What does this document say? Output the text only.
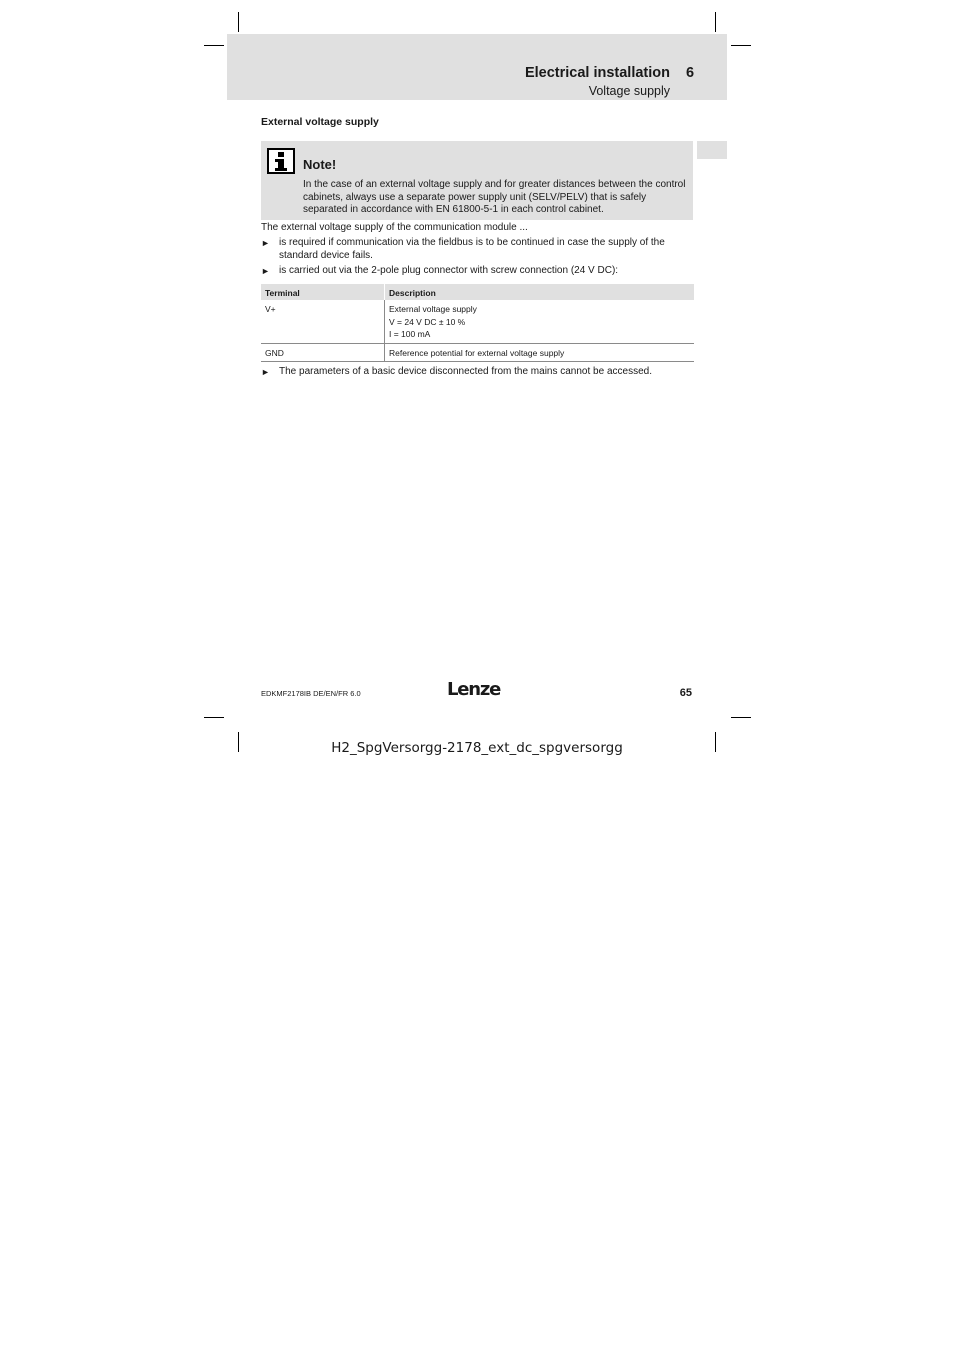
Electrical installation 6
Voltage supply
External voltage supply
Note!
In the case of an external voltage supply and for greater distances between the control cabinets, always use a separate power supply unit (SELV/PELV) that is safely separated in accordance with EN 61800-5-1 in each control cabinet.
The external voltage supply of the communication module ...
► is required if communication via the fieldbus is to be continued in case the supply of the standard device fails.
► is carried out via the 2-pole plug connector with screw connection (24 V DC):
Terminal	Description
V+	External voltage supply
V = 24 V DC ± 10 %
I = 100 mA

GND	Reference potential for external voltage supply
► The parameters of a basic device disconnected from the mains cannot be accessed.
EDKMF2178IB DE/EN/FR 6.0	Lenze	65
H2_SpgVersorgg-2178_ext_dc_spgversorgg
